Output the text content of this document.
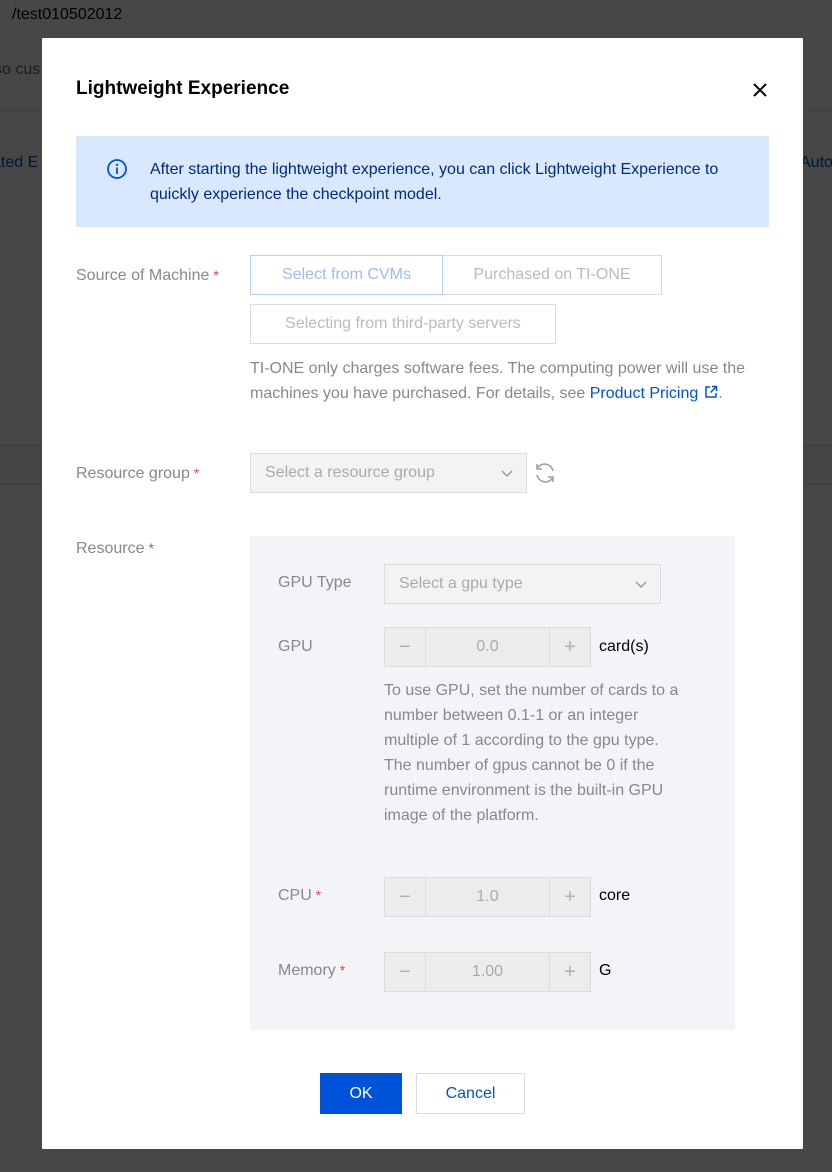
Lightweight Experience
After starting the lightweight experience, you can click Lightweight Experience to quickly experience the checkpoint model.
Source of Machine *	Select from CVMs	Purchased on TI-ONE
Selecting from third-party servers
TI-ONE only charges software fees. The computing power will use the machines you have purchased. For details, see Product Pricing .
Resource group *	Select a resource group
Resource *
GPU Type	Select a gpu type
GPU	−	0.0	+	card(s)
To use GPU, set the number of cards to a number between 0.1-1 or an integer multiple of 1 according to the gpu type. The number of gpus cannot be 0 if the runtime environment is the built-in GPU image of the platform.
CPU *	−	1.0	+	core
Memory *	−	1.00	+	G
OK	Cancel
